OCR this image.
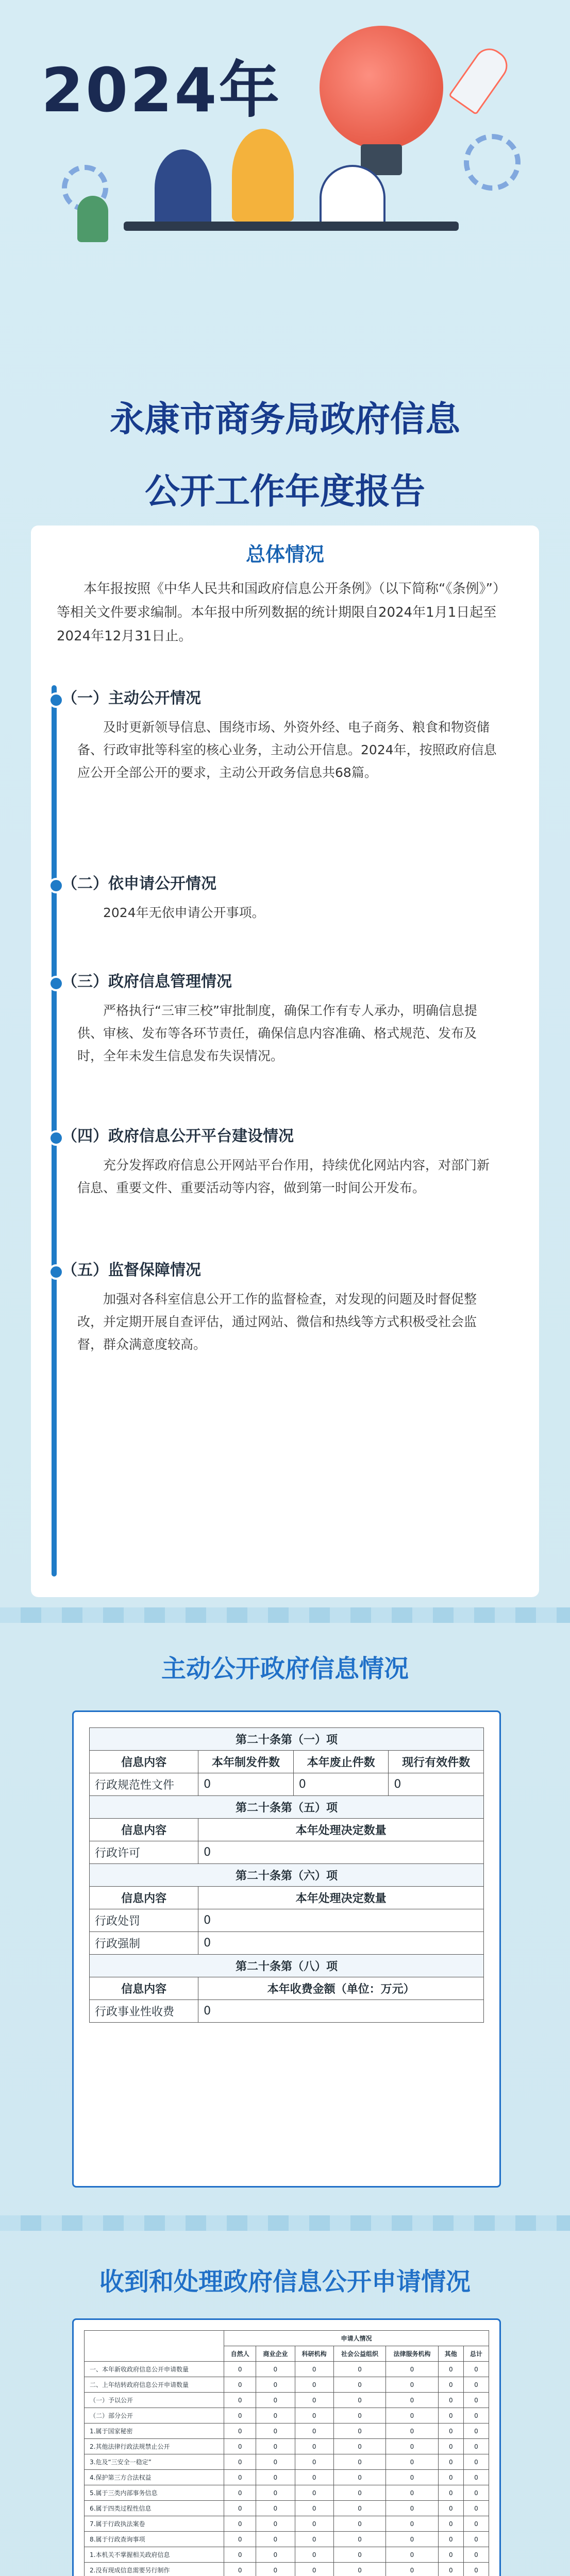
2024年
永康市商务局政府信息
公开工作年度报告
总体情况
本年报按照《中华人民共和国政府信息公开条例》（以下简称“《条例》”）等相关文件要求编制。本年报中所列数据的统计期限自2024年1月1日起至2024年12月31日止。
（一）主动公开情况
及时更新领导信息、围绕市场、外资外经、电子商务、粮食和物资储备、行政审批等科室的核心业务，主动公开信息。2024年，按照政府信息应公开全部公开的要求，主动公开政务信息共68篇。
（二）依申请公开情况
2024年无依申请公开事项。
（三）政府信息管理情况
严格执行“三审三校”审批制度，确保工作有专人承办，明确信息提供、审核、发布等各环节责任，确保信息内容准确、格式规范、发布及时，全年未发生信息发布失误情况。
（四）政府信息公开平台建设情况
充分发挥政府信息公开网站平台作用，持续优化网站内容，对部门新信息、重要文件、重要活动等内容，做到第一时间公开发布。
（五）监督保障情况
加强对各科室信息公开工作的监督检查，对发现的问题及时督促整改，并定期开展自查评估，通过网站、微信和热线等方式积极受社会监督，群众满意度较高。
主动公开政府信息情况
第二十条第（一）项			
信息内容	本年制发件数	本年废止件数	现行有效件数
行政规范性文件	0	0	0
第二十条第（五）项			
信息内容	本年处理决定数量		
行政许可	0		
第二十条第（六）项			
信息内容	本年处理决定数量		
行政处罚	0		
行政强制	0		
第二十条第（八）项			
信息内容	本年收费金额（单位：万元）		
行政事业性收费	0		
收到和处理政府信息公开申请情况
	申请人情况						
	自然人	商业企业	科研机构	社会公益组织	法律服务机构	其他	总计
一、本年新收政府信息公开申请数量	0	0	0	0	0	0	0
二、上年结转政府信息公开申请数量	0	0	0	0	0	0	0
（一）予以公开	0	0	0	0	0	0	0
（二）部分公开	0	0	0	0	0	0	0
1.属于国家秘密	0	0	0	0	0	0	0
2.其他法律行政法规禁止公开	0	0	0	0	0	0	0
3.危及“三安全一稳定”	0	0	0	0	0	0	0
4.保护第三方合法权益	0	0	0	0	0	0	0
5.属于三类内部事务信息	0	0	0	0	0	0	0
6.属于四类过程性信息	0	0	0	0	0	0	0
7.属于行政执法案卷	0	0	0	0	0	0	0
8.属于行政查询事项	0	0	0	0	0	0	0
1.本机关不掌握相关政府信息	0	0	0	0	0	0	0
2.没有现成信息需要另行制作	0	0	0	0	0	0	0
